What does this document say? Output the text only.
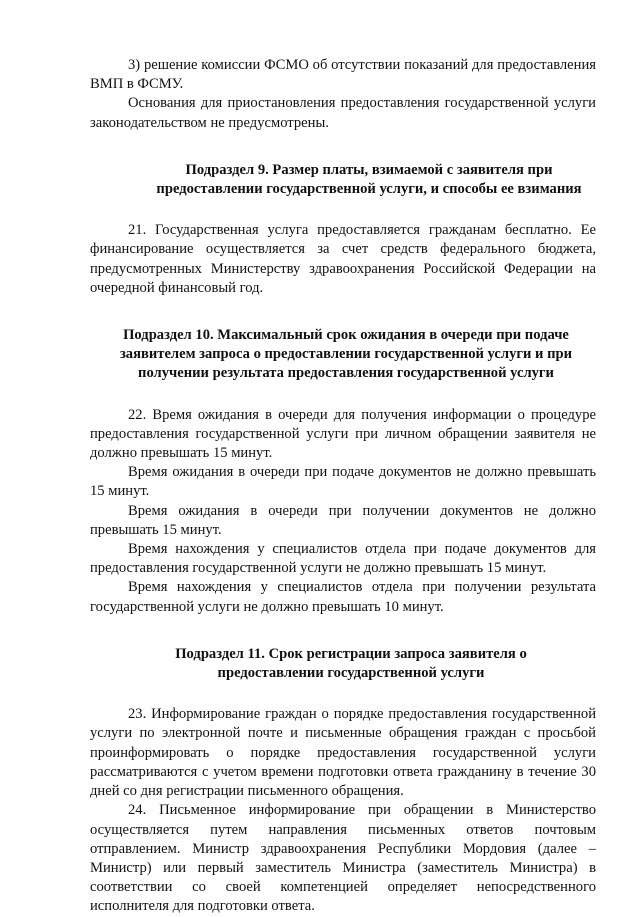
3) решение комиссии ФСМО об отсутствии показаний для предоставления ВМП в ФСМУ.

Основания для приостановления предоставления государственной услуги законодательством не предусмотрены.

Подраздел 9. Размер платы, взимаемой с заявителя при предоставлении государственной услуги, и способы ее взимания

21. Государственная услуга предоставляется гражданам бесплатно. Ее финансирование осуществляется за счет средств федерального бюджета, предусмотренных Министерству здравоохранения Российской Федерации на очередной финансовый год.

Подраздел 10. Максимальный срок ожидания в очереди при подаче заявителем запроса о предоставлении государственной услуги и при получении результата предоставления государственной услуги

22. Время ожидания в очереди для получения информации о процедуре предоставления государственной услуги при личном обращении заявителя не должно превышать 15 минут.

Время ожидания в очереди при подаче документов не должно превышать 15 минут.

Время ожидания в очереди при получении документов не должно превышать 15 минут.

Время нахождения у специалистов отдела при подаче документов для предоставления государственной услуги не должно превышать 15 минут.

Время нахождения у специалистов отдела при получении результата государственной услуги не должно превышать 10 минут.

Подраздел 11. Срок регистрации запроса заявителя о предоставлении государственной услуги

23. Информирование граждан о порядке предоставления государственной услуги по электронной почте и письменные обращения граждан с просьбой проинформировать о порядке предоставления государственной услуги рассматриваются с учетом времени подготовки ответа гражданину в течение 30 дней со дня регистрации письменного обращения.

24. Письменное информирование при обращении в Министерство осуществляется путем направления письменных ответов почтовым отправлением. Министр здравоохранения Республики Мордовия (далее – Министр) или первый заместитель Министра (заместитель Министра) в соответствии со своей компетенцией определяет непосредственного исполнителя для подготовки ответа.
